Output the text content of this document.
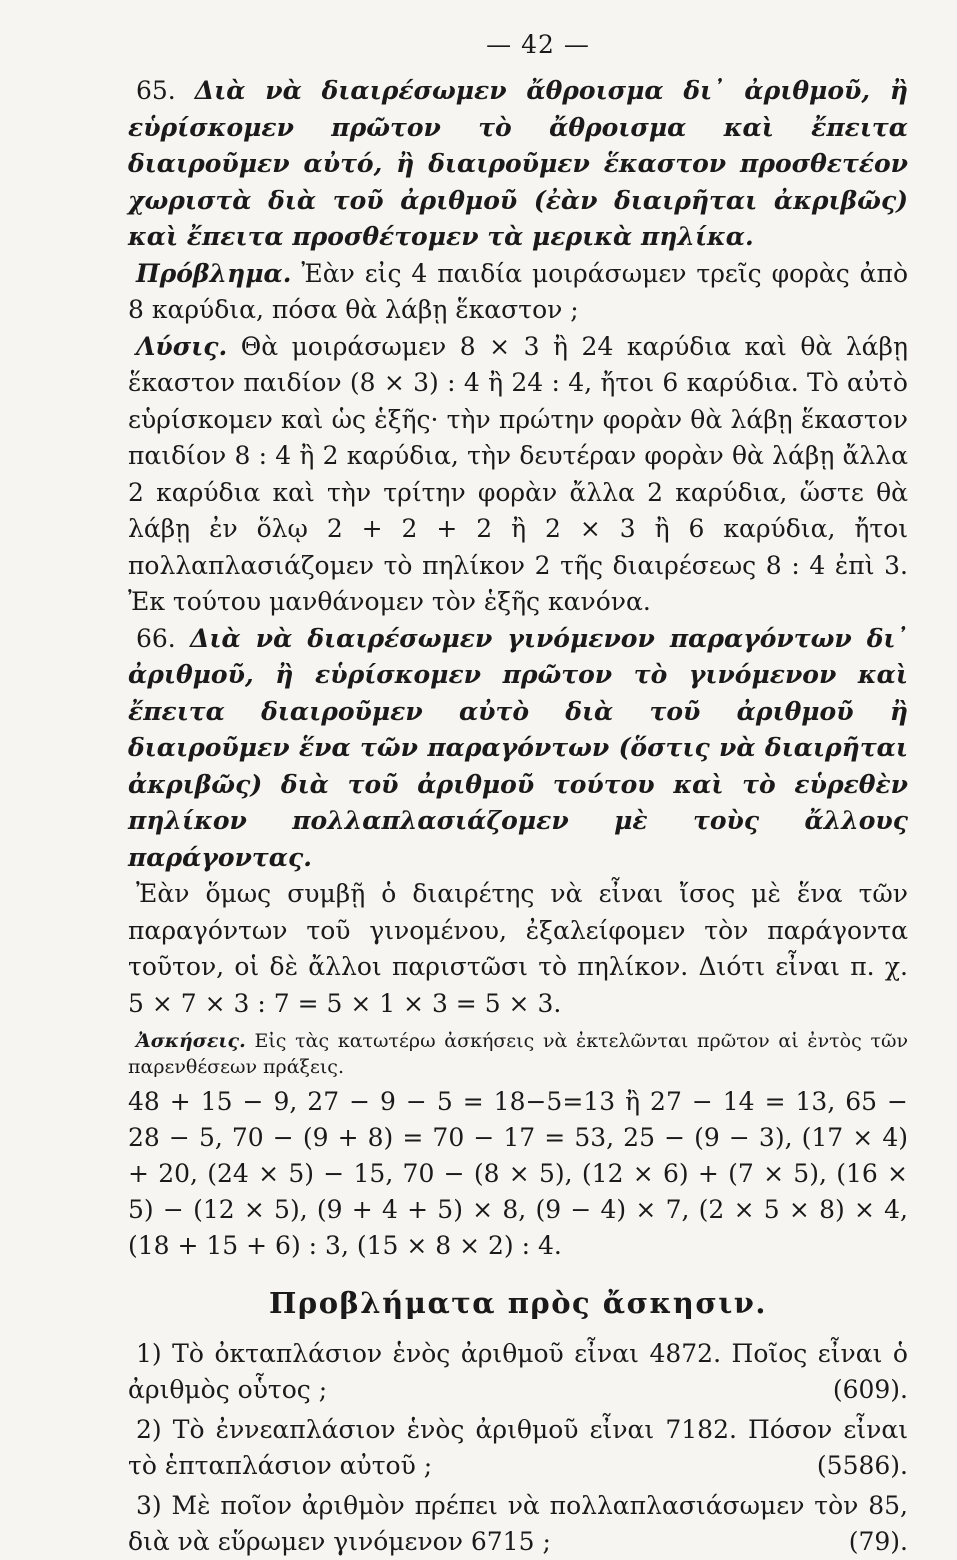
— 42 —

65. Διὰ νὰ διαιρέσωμεν ἄθροισμα δι᾿ ἀριθμοῦ, ἢ εὑρίσκομεν πρῶτον τὸ ἄθροισμα καὶ ἔπειτα διαιροῦμεν αὐτό, ἢ διαιροῦμεν ἕκαστον προσθετέον χωριστὰ διὰ τοῦ ἀριθμοῦ (ἐὰν διαιρῆται ἀκριβῶς) καὶ ἔπειτα προσθέτομεν τὰ μερικὰ πηλίκα.

Πρόβλημα. Ἐὰν εἰς 4 παιδία μοιράσωμεν τρεῖς φορὰς ἀπὸ 8 καρύδια, πόσα θὰ λάβῃ ἕκαστον ;

Λύσις. Θὰ μοιράσωμεν 8 × 3 ἢ 24 καρύδια καὶ θὰ λάβῃ ἕκαστον παιδίον (8 × 3) : 4 ἢ 24 : 4, ἤτοι 6 καρύδια. Τὸ αὐτὸ εὑρίσκομεν καὶ ὡς ἑξῆς· τὴν πρώτην φορὰν θὰ λάβῃ ἕκαστον παιδίον 8 : 4 ἢ 2 καρύδια, τὴν δευτέραν φορὰν θὰ λάβῃ ἄλλα 2 καρύδια καὶ τὴν τρίτην φορὰν ἄλλα 2 καρύδια, ὥστε θὰ λάβῃ ἐν ὅλῳ 2 + 2 + 2 ἢ 2 × 3 ἢ 6 καρύδια, ἤτοι πολλαπλασιάζομεν τὸ πηλίκον 2 τῆς διαιρέσεως 8 : 4 ἐπὶ 3. Ἐκ τούτου μανθάνομεν τὸν ἑξῆς κανόνα.

66. Διὰ νὰ διαιρέσωμεν γινόμενον παραγόντων δι᾿ ἀριθμοῦ, ἢ εὑρίσκομεν πρῶτον τὸ γινόμενον καὶ ἔπειτα διαιροῦμεν αὐτὸ διὰ τοῦ ἀριθμοῦ ἢ διαιροῦμεν ἕνα τῶν παραγόντων (ὅστις νὰ διαιρῆται ἀκριβῶς) διὰ τοῦ ἀριθμοῦ τούτου καὶ τὸ εὑρεθὲν πηλίκον πολλαπλασιάζομεν μὲ τοὺς ἄλλους παράγοντας.

Ἐὰν ὅμως συμβῇ ὁ διαιρέτης νὰ εἶναι ἴσος μὲ ἕνα τῶν παραγόντων τοῦ γινομένου, ἐξαλείφομεν τὸν παράγοντα τοῦτον, οἱ δὲ ἄλλοι παριστῶσι τὸ πηλίκον. Διότι εἶναι π. χ. 5 × 7 × 3 : 7 = 5 × 1 × 3 = 5 × 3.

Ἀσκήσεις. Εἰς τὰς κατωτέρω ἀσκήσεις νὰ ἐκτελῶνται πρῶτον αἱ ἐντὸς τῶν παρενθέσεων πράξεις.

48 + 15 − 9, 27 − 9 − 5 = 18−5=13 ἢ 27 − 14 = 13, 65 − 28 − 5, 70 − (9 + 8) = 70 − 17 = 53, 25 − (9 − 3), (17 × 4) + 20, (24 × 5) − 15, 70 − (8 × 5), (12 × 6) + (7 × 5), (16 × 5) − (12 × 5), (9 + 4 + 5) × 8, (9 − 4) × 7, (2 × 5 × 8) × 4, (18 + 15 + 6) : 3, (15 × 8 × 2) : 4.

Προβλήματα πρὸς ἄσκησιν.

1) Τὸ ὀκταπλάσιον ἑνὸς ἀριθμοῦ εἶναι 4872. Ποῖος εἶναι ὁ ἀριθμὸς οὗτος ;	(609).

2) Τὸ ἐννεαπλάσιον ἑνὸς ἀριθμοῦ εἶναι 7182. Πόσον εἶναι τὸ ἑπταπλάσιον αὐτοῦ ;	(5586).

3) Μὲ ποῖον ἀριθμὸν πρέπει νὰ πολλαπλασιάσωμεν τὸν 85, διὰ νὰ εὕρωμεν γινόμενον 6715 ;	(79).
